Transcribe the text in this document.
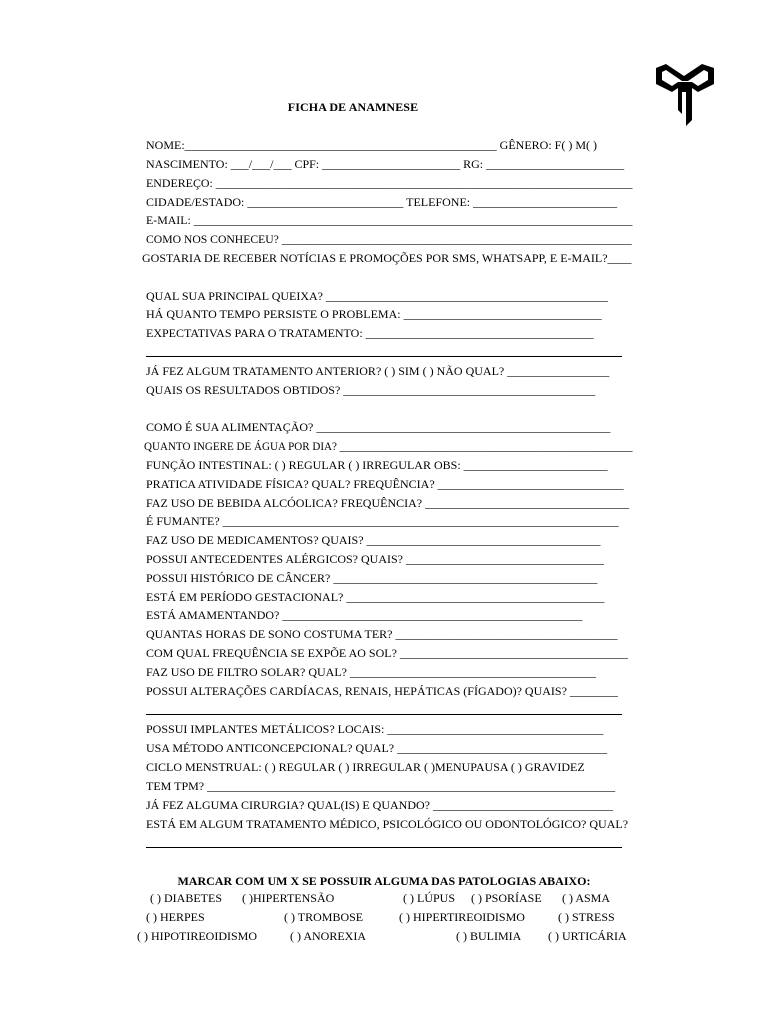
FICHA DE ANAMNESE
NOME:____________________________________________________ GÊNERO: F( ) M( )
NASCIMENTO: ___/___/___ CPF: _______________________ RG: _______________________
ENDEREÇO: ______________________________________________________________________
CIDADE/ESTADO: __________________________ TELEFONE: ________________________
E-MAIL: __________________________________________________________________________
COMO NOS CONHECEU? ____________________________________________________________
GOSTARIA DE RECEBER NOTÍCIAS E PROMOÇÕES POR SMS, WHATSAPP, E E-MAIL?____
QUAL SUA PRINCIPAL QUEIXA? _______________________________________________
HÁ QUANTO TEMPO PERSISTE O PROBLEMA: _________________________________
EXPECTATIVAS PARA O TRATAMENTO: ______________________________________
JÁ FEZ ALGUM TRATAMENTO ANTERIOR? ( ) SIM ( ) NÃO QUAL? _________________
QUAIS OS RESULTADOS OBTIDOS? __________________________________________
COMO É SUA ALIMENTAÇÃO? _________________________________________________
QUANTO INGERE DE ÁGUA POR DIA? _____________________________________________________
FUNÇÃO INTESTINAL: ( ) REGULAR ( ) IRREGULAR OBS: ________________________
PRATICA ATIVIDADE FÍSICA? QUAL? FREQUÊNCIA? _______________________________
FAZ USO DE BEBIDA ALCÓOLICA? FREQUÊNCIA? __________________________________
É FUMANTE? __________________________________________________________________
FAZ USO DE MEDICAMENTOS? QUAIS? _______________________________________
POSSUI ANTECEDENTES ALÉRGICOS? QUAIS? _________________________________
POSSUI HISTÓRICO DE CÂNCER? ____________________________________________
ESTÁ EM PERÍODO GESTACIONAL? ___________________________________________
ESTÁ AMAMENTANDO? __________________________________________________
QUANTAS HORAS DE SONO COSTUMA TER? _____________________________________
COM QUAL FREQUÊNCIA SE EXPÕE AO SOL? ______________________________________
FAZ USO DE FILTRO SOLAR? QUAL? _________________________________________
POSSUI ALTERAÇÕES CARDÍACAS, RENAIS, HEPÁTICAS (FÍGADO)? QUAIS? ________
POSSUI IMPLANTES METÁLICOS? LOCAIS: ____________________________________
USA MÉTODO ANTICONCEPCIONAL? QUAL? ___________________________________
CICLO MENSTRUAL: ( ) REGULAR ( ) IRREGULAR ( )MENUPAUSA ( ) GRAVIDEZ
TEM TPM? ____________________________________________________________________
JÁ FEZ ALGUMA CIRURGIA? QUAL(IS) E QUANDO? ______________________________
ESTÁ EM ALGUM TRATAMENTO MÉDICO, PSICOLÓGICO OU ODONTOLÓGICO? QUAL?
MARCAR COM UM X SE POSSUIR ALGUMA DAS PATOLOGIAS ABAIXO:
( ) DIABETES ( )HIPERTENSÃO	( ) LÚPUS ( ) PSORÍASE ( ) ASMA
( ) HERPES	( ) TROMBOSE	( ) HIPERTIREOIDISMO	( ) STRESS
( ) HIPOTIREOIDISMO	( ) ANOREXIA	( ) BULIMIA ( ) URTICÁRIA
